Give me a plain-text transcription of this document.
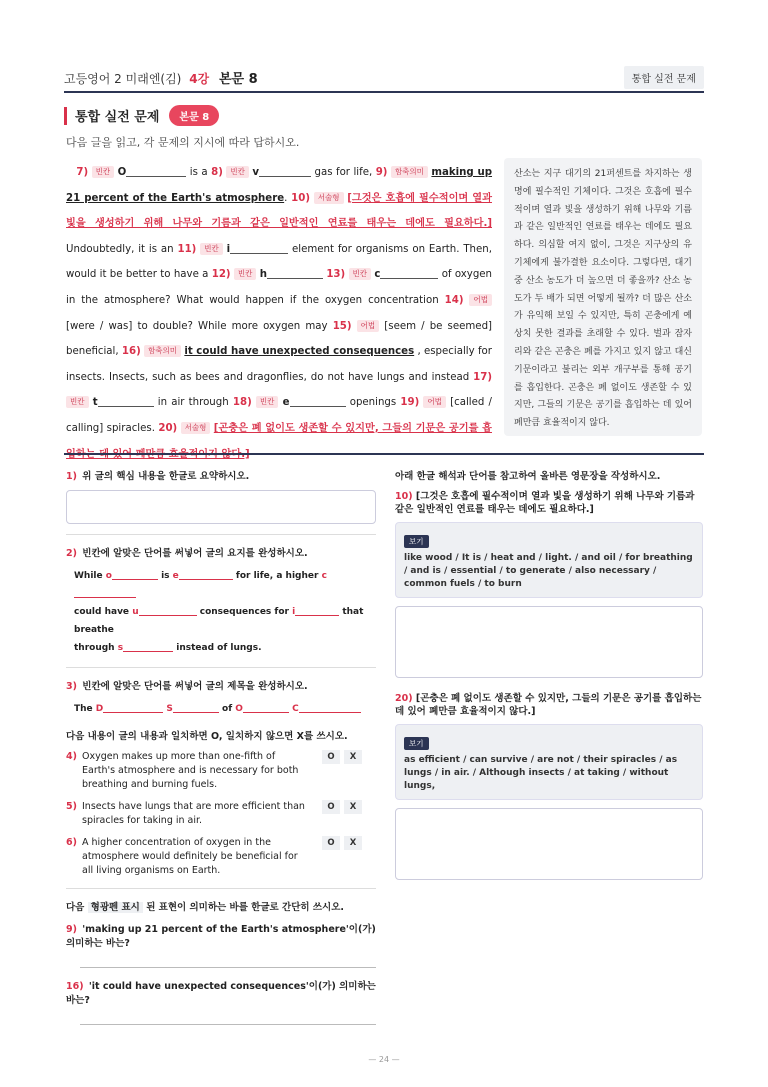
고등영어 2 미래엔(김) 4강 본문 8	통합 실전 문제
통합 실전 문제	본문 8
다음 글을 읽고, 각 문제의 지시에 따라 답하시오.
7) 빈칸 O	is a 8) 빈칸 v	gas for life, 9) 함축의미 making up 21 percent of the Earth's atmosphere. 10) 서술형 [그것은 호흡에 필수적이며 열과 빛을 생성하기 위해 나무와 기름과 같은 일반적인 연료를 태우는 데에도 필요하다.] Undoubtedly, it is an 11) 빈칸 i	element for organisms on Earth. Then, would it be better to have a 12) 빈칸 h	13) 빈칸 c	of oxygen in the atmosphere? What would happen if the oxygen concentration 14) 어법 [were / was] to double? While more oxygen may 15) 어법 [seem / be seemed] beneficial, 16) 함축의미 it could have unexpected consequences , especially for insects. Insects, such as bees and dragonflies, do not have lungs and instead 17) 빈칸 t	in air through 18) 빈칸 e	openings 19) 어법 [called / calling] spiracles. 20) 서술형 [곤충은 폐 없이도 생존할 수 있지만, 그들의 기문은 공기를 흡
산소는 지구 대기의 21퍼센트를 차지하는 생명에 필수적인 기체이다. 그것은 호흡에 필수적이며 열과 빛을 생성하기 위해 나무와 기름과 같은 일반적인 연료를 태우는 데에도 필요하다. 의심할 여지 없이, 그것은 지구상의 유기체에게 불가결한 요소이다. 그렇다면, 대기 중 산소 농도가 더 높으면 더 좋을까? 산소 농도가 두 배가 되면 어떻게 될까? 더 많은 산소가 유익해 보일 수 있지만, 특히 곤충에게 예상치 못한 결과를 초래할 수 있다. 벌과 잠자리와 같은 곤충은 폐를 가지고 있지 않고 대신 기문이라고 불리는 외부 개구부를 통해 공기를 흡입한다. 곤충은 폐 없이도 생존할 수 있지만, 그들의 기문은 공기를 흡입하는 데 있어 폐만큼 효율적이지 않다.
1) 위 글의 핵심 내용을 한글로 요약하시오.
2) 빈칸에 알맞은 단어를 써넣어 글의 요지를 완성하시오.
While o	is e	for life, a higher c
could have u	consequences for i	that breathe
through s	instead of lungs.
3) 빈칸에 알맞은 단어를 써넣어 글의 제목을 완성하시오.
The D	S	of O	C
다음 내용이 글의 내용과 일치하면 O, 일치하지 않으면 X를 쓰시오.
4) Oxygen makes up more than one-fifth of Earth's atmosphere and is necessary for both breathing and burning fuels.
O	X
5) Insects have lungs that are more efficient than spiracles for taking in air.
O	X
6) A higher concentration of oxygen in the atmosphere would definitely be beneficial for all living organisms on Earth.
O	X
다음 형광펜 표시 된 표현이 의미하는 바를 한글로 간단히 쓰시오.
9) 'making up 21 percent of the Earth's atmosphere'이(가) 의미하는 바는?
16) 'it could have unexpected consequences'이(가) 의미하는 바는?
아래 한글 해석과 단어를 참고하여 올바른 영문장을 작성하시오.
10) [그것은 호흡에 필수적이며 열과 빛을 생성하기 위해 나무와 기름과 같은 일반적인 연료를 태우는 데에도 필요하다.]
보기
like wood / It is / heat and / light. / and oil / for breathing / and is / essential / to generate / also necessary / common fuels / to burn
20) [곤충은 폐 없이도 생존할 수 있지만, 그들의 기문은 공기를 흡입하는 데 있어 폐만큼 효율적이지 않다.]
보기
as efficient / can survive / are not / their spiracles / as lungs / in air. / Although insects / at taking / without lungs,
— 24 —
